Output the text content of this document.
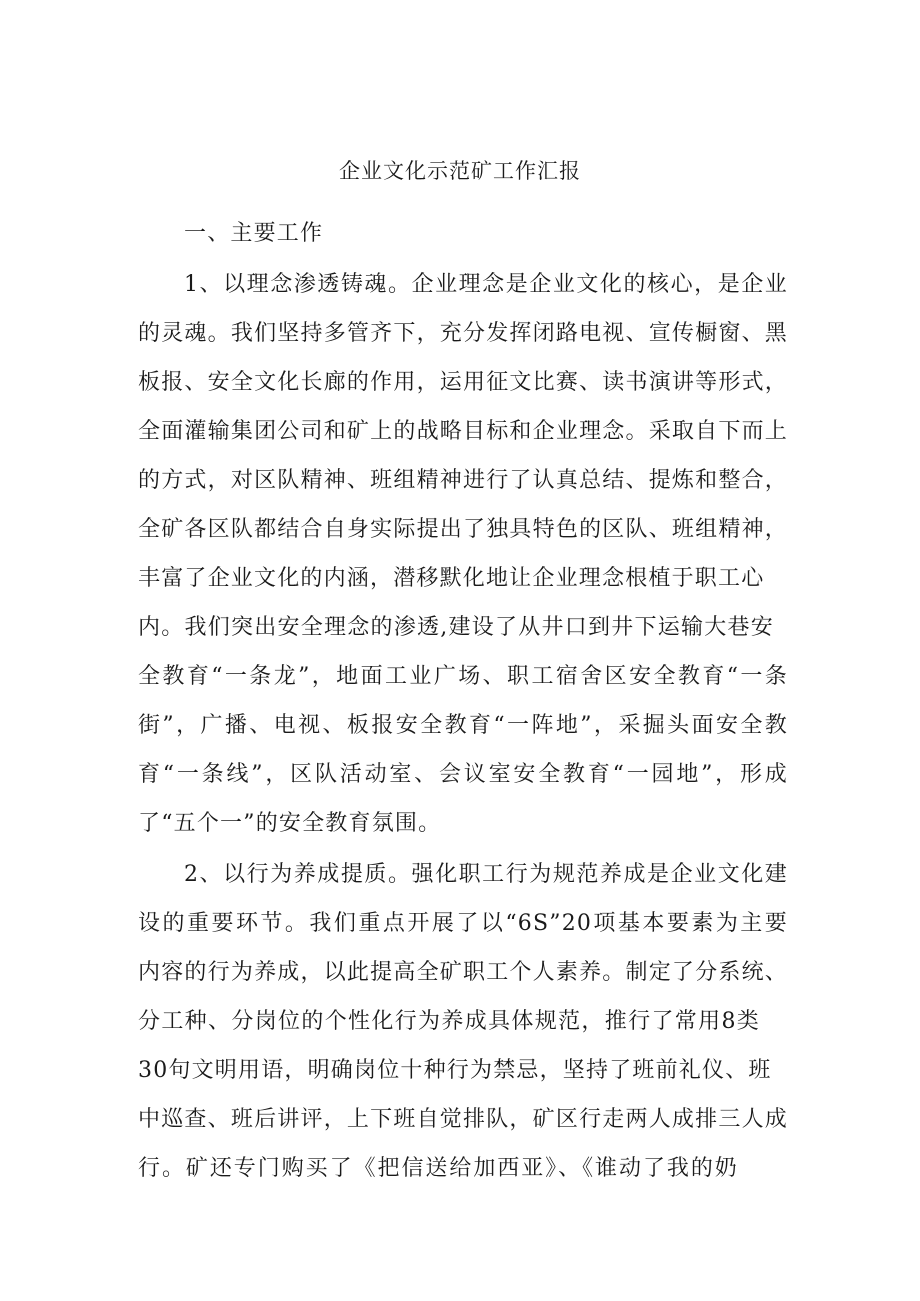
企业文化示范矿工作汇报
一、主要工作
1、以理念渗透铸魂。企业理念是企业文化的核心，是企业
的灵魂。我们坚持多管齐下，充分发挥闭路电视、宣传橱窗、黑
板报、安全文化长廊的作用，运用征文比赛、读书演讲等形式，
全面灌输集团公司和矿上的战略目标和企业理念。采取自下而上
的方式，对区队精神、班组精神进行了认真总结、提炼和整合，
全矿各区队都结合自身实际提出了独具特色的区队、班组精神，
丰富了企业文化的内涵，潜移默化地让企业理念根植于职工心
内。我们突出安全理念的渗透,建设了从井口到井下运输大巷安
全教育“一条龙”，地面工业广场、职工宿舍区安全教育“一条
街”，广播、电视、板报安全教育“一阵地”，采掘头面安全教
育“一条线”，区队活动室、会议室安全教育“一园地”，形成
了“五个一”的安全教育氛围。
2、以行为养成提质。强化职工行为规范养成是企业文化建
设的重要环节。我们重点开展了以“6S”20项基本要素为主要
内容的行为养成，以此提高全矿职工个人素养。制定了分系统、
分工种、分岗位的个性化行为养成具体规范，推行了常用8类
30句文明用语，明确岗位十种行为禁忌，坚持了班前礼仪、班
中巡查、班后讲评，上下班自觉排队，矿区行走两人成排三人成
行。矿还专门购买了《把信送给加西亚》、《谁动了我的奶
